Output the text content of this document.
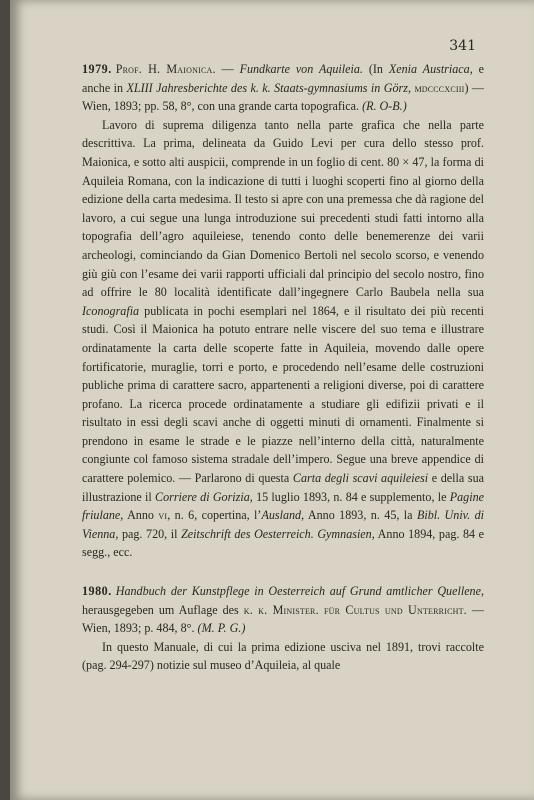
341

1979. Prof. H. Maionica. — Fundkarte von Aquileia. (In Xenia Austriaca, e anche in XLIII Jahresberichte des k. k. Staats-gymnasiums in Görz, mdcccxciii) — Wien, 1893; pp. 58, 8°, con una grande carta topografica. (R. O-B.)

Lavoro di suprema diligenza tanto nella parte grafica che nella parte descrittiva. La prima, delineata da Guido Levi per cura dello stesso prof. Maionica, e sotto alti auspicii, comprende in un foglio di cent. 80 × 47, la forma di Aquileia Romana, con la indicazione di tutti i luoghi scoperti fino al giorno della edizione della carta medesima. Il testo si apre con una premessa che dà ragione del lavoro, a cui segue una lunga introduzione sui precedenti studi fatti intorno alla topografia dell’agro aquileiese, tenendo conto delle benemerenze dei varii archeologi, cominciando da Gian Domenico Bertoli nel secolo scorso, e venendo giù giù con l’esame dei varii rapporti ufficiali dal principio del secolo nostro, fino ad offrire le 80 località identificate dall’ingegnere Carlo Baubela nella sua Iconografia publicata in pochi esemplari nel 1864, e il risultato dei più recenti studi. Così il Maionica ha potuto entrare nelle viscere del suo tema e illustrare ordinatamente la carta delle scoperte fatte in Aquileia, movendo dalle opere fortificatorie, muraglie, torri e porto, e procedendo nell’esame delle costruzioni publiche prima di carattere sacro, appartenenti a religioni diverse, poi di carattere profano. La ricerca procede ordinatamente a studiare gli edifizii privati e il risultato in essi degli scavi anche di oggetti minuti di ornamenti. Finalmente si prendono in esame le strade e le piazze nell’interno della città, naturalmente congiunte col famoso sistema stradale dell’impero. Segue una breve appendice di carattere polemico. — Parlarono di questa Carta degli scavi aquileiesi e della sua illustrazione il Corriere di Gorizia, 15 luglio 1893, n. 84 e supplemento, le Pagine friulane, Anno vi, n. 6, copertina, l’Ausland, Anno 1893, n. 45, la Bibl. Univ. di Vienna, pag. 720, il Zeitschrift des Oesterreich. Gymnasien, Anno 1894, pag. 84 e segg., ecc.

1980. Handbuch der Kunstpflege in Oesterreich auf Grund amtlicher Quellene, herausgegeben um Auflage des k. k. Minister. für Cultus und Unterricht. — Wien, 1893; p. 484, 8°. (M. P. G.)

In questo Manuale, di cui la prima edizione usciva nel 1891, trovi raccolte (pag. 294-297) notizie sul museo d’Aquileia, al quale
